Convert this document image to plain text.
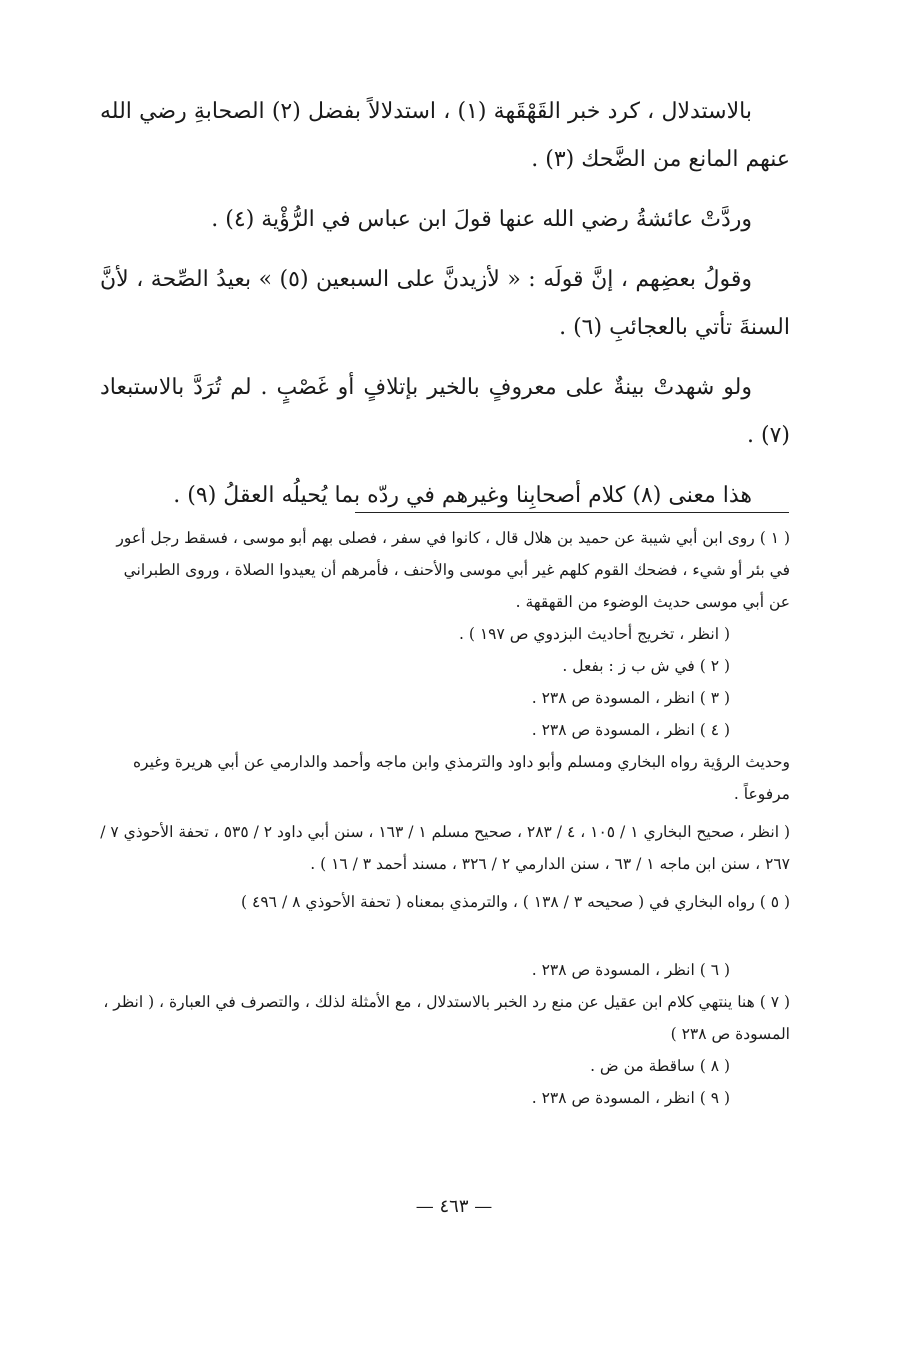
بالاستدلال ، كرد خبر القَهْقَهة (١) ، استدلالاً بفضل (٢) الصحابةِ رضي الله عنهم المانع من الضَّحك (٣) .

وردَّتْ عائشةُ رضي الله عنها قولَ ابن عباس في الرُّؤْية (٤) .

وقولُ بعضِهم ، إنَّ قولَه : « لأزيدنَّ على السبعين (٥) » بعيدُ الصِّحة ، لأنَّ السنةَ تأتي بالعجائبِ (٦) .

ولو شهدتْ بينةٌ على معروفٍ بالخير بإتلافٍ أو غَصْبٍ . لم تُرَدَّ بالاستبعاد (٧) .

هذا معنى (٨) كلام أصحابِنا وغيرهم في ردّه بما يُحيلُه العقلُ (٩) .

( ١ ) روى ابن أبي شيبة عن حميد بن هلال قال ، كانوا في سفر ، فصلى بهم أبو موسى ، فسقط رجل أعور في بئر أو شيء ، فضحك القوم كلهم غير أبي موسى والأحنف ، فأمرهم أن يعيدوا الصلاة ، وروى الطبراني عن أبي موسى حديث الوضوء من القهقهة .

( انظر ، تخريج أحاديث البزدوي ص ١٩٧ ) .

( ٢ ) في ش ب ز : بفعل .

( ٣ ) انظر ، المسودة ص ٢٣٨ .

( ٤ ) انظر ، المسودة ص ٢٣٨ .

وحديث الرؤية رواه البخاري ومسلم وأبو داود والترمذي وابن ماجه وأحمد والدارمي عن أبي هريرة وغيره مرفوعاً .

( انظر ، صحيح البخاري ١ / ١٠٥ ، ٤ / ٢٨٣ ، صحيح مسلم ١ / ١٦٣ ، سنن أبي داود ٢ / ٥٣٥ ، تحفة الأحوذي ٧ / ٢٦٧ ، سنن ابن ماجه ١ / ٦٣ ، سنن الدارمي ٢ / ٣٢٦ ، مسند أحمد ٣ / ١٦ ) .

( ٥ ) رواه البخاري في ( صحيحه ٣ / ١٣٨ ) ، والترمذي بمعناه ( تحفة الأحوذي ٨ / ٤٩٦ )

( ٦ ) انظر ، المسودة ص ٢٣٨ .

( ٧ ) هنا ينتهي كلام ابن عقيل عن منع رد الخبر بالاستدلال ، مع الأمثلة لذلك ، والتصرف في العبارة ، ( انظر ، المسودة ص ٢٣٨ )

( ٨ ) ساقطة من ض .

( ٩ ) انظر ، المسودة ص ٢٣٨ .

— ٤٦٣ —
